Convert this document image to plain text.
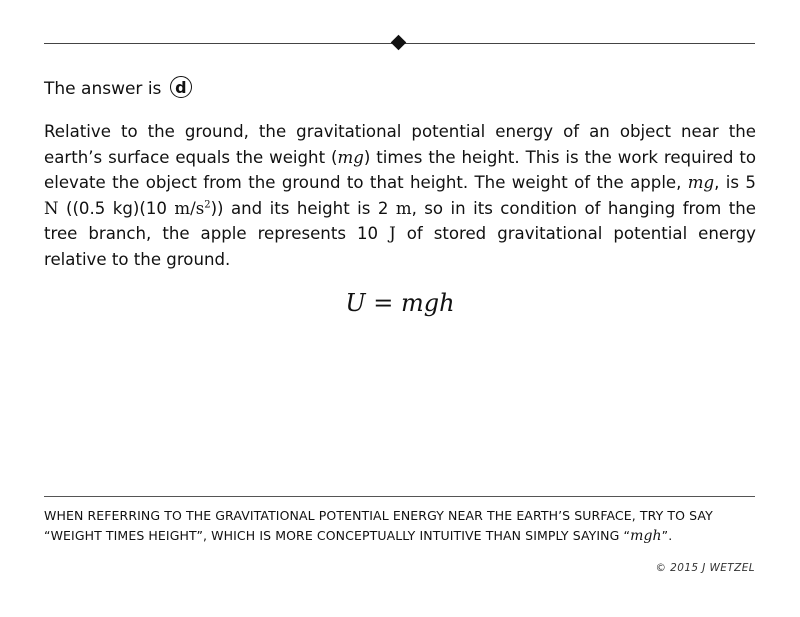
The answer is d

Relative to the ground, the gravitational potential energy of an object near the earth’s surface equals the weight (mg) times the height. This is the work required to elevate the object from the ground to that height. The weight of the apple, mg, is 5 N ((0.5 kg)(10 $m/s^2$)) and its height is 2 m, so in its condition of hanging from the tree branch, the apple represents 10 J of stored gravitational potential energy relative to the ground.

U = mgh
WHEN REFERRING TO THE GRAVITATIONAL POTENTIAL ENERGY NEAR THE EARTH’S SURFACE, TRY TO SAY “WEIGHT TIMES HEIGHT”, WHICH IS MORE CONCEPTUALLY INTUITIVE THAN SIMPLY SAYING “mgh”.
© 2015 J WETZEL
